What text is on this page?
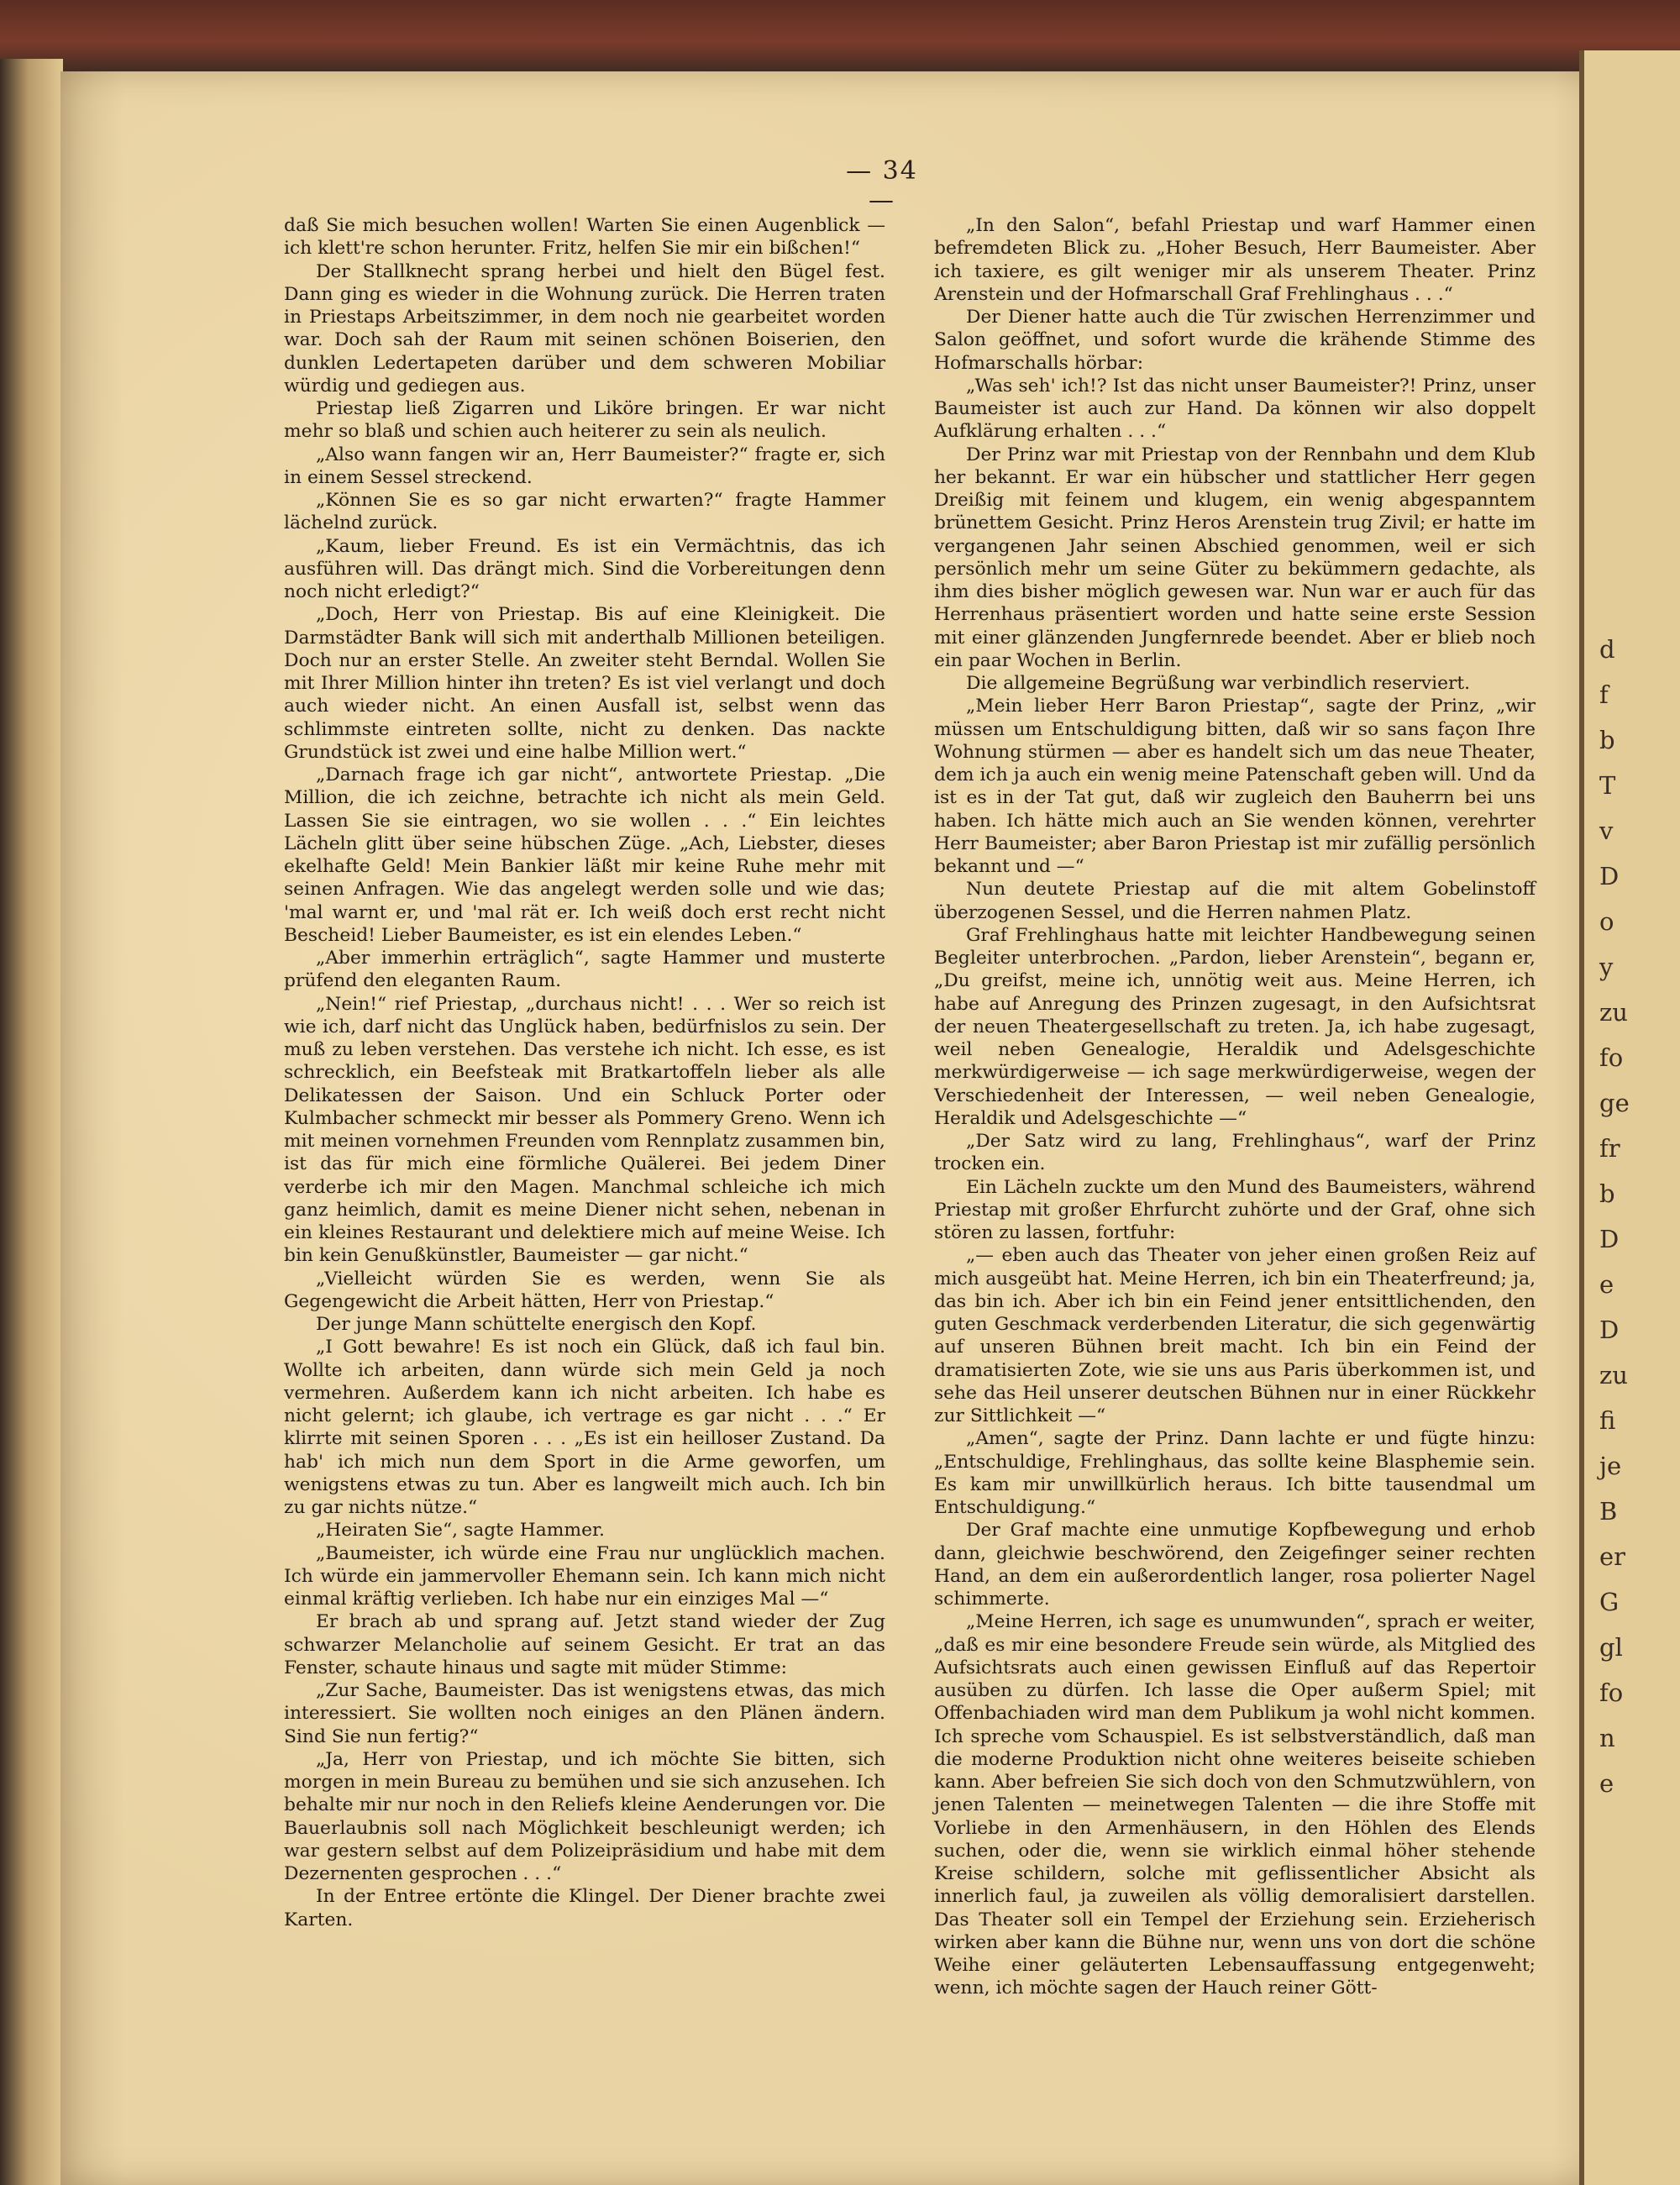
d
f
b
T
v
D
o
y
zu
fo
ge
fr
b
D
e
D
zu
fi
je
B
er
G
gl
fo
n
e
— 34 —

daß Sie mich besuchen wollen! Warten Sie einen Augenblick — ich klett're schon herunter. Fritz, helfen Sie mir ein bißchen!“

Der Stallknecht sprang herbei und hielt den Bügel fest. Dann ging es wieder in die Wohnung zurück. Die Herren traten in Priestaps Arbeitszimmer, in dem noch nie gearbeitet worden war. Doch sah der Raum mit seinen schönen Boiserien, den dunklen Ledertapeten darüber und dem schweren Mobiliar würdig und gediegen aus.

Priestap ließ Zigarren und Liköre bringen. Er war nicht mehr so blaß und schien auch heiterer zu sein als neulich.

„Also wann fangen wir an, Herr Baumeister?“ fragte er, sich in einem Sessel streckend.

„Können Sie es so gar nicht erwarten?“ fragte Hammer lächelnd zurück.

„Kaum, lieber Freund. Es ist ein Vermächtnis, das ich ausführen will. Das drängt mich. Sind die Vorbereitungen denn noch nicht erledigt?“

„Doch, Herr von Priestap. Bis auf eine Kleinigkeit. Die Darmstädter Bank will sich mit anderthalb Millionen beteiligen. Doch nur an erster Stelle. An zweiter steht Berndal. Wollen Sie mit Ihrer Million hinter ihn treten? Es ist viel verlangt und doch auch wieder nicht. An einen Ausfall ist, selbst wenn das schlimmste eintreten sollte, nicht zu denken. Das nackte Grundstück ist zwei und eine halbe Million wert.“

„Darnach frage ich gar nicht“, antwortete Priestap. „Die Million, die ich zeichne, betrachte ich nicht als mein Geld. Lassen Sie sie eintragen, wo sie wollen . . .“ Ein leichtes Lächeln glitt über seine hübschen Züge. „Ach, Liebster, dieses ekelhafte Geld! Mein Bankier läßt mir keine Ruhe mehr mit seinen Anfragen. Wie das angelegt werden solle und wie das; 'mal warnt er, und 'mal rät er. Ich weiß doch erst recht nicht Bescheid! Lieber Baumeister, es ist ein elendes Leben.“

„Aber immerhin erträglich“, sagte Hammer und musterte prüfend den eleganten Raum.

„Nein!“ rief Priestap, „durchaus nicht! . . . Wer so reich ist wie ich, darf nicht das Unglück haben, bedürfnislos zu sein. Der muß zu leben verstehen. Das verstehe ich nicht. Ich esse, es ist schrecklich, ein Beefsteak mit Bratkartoffeln lieber als alle Delikatessen der Saison. Und ein Schluck Porter oder Kulmbacher schmeckt mir besser als Pommery Greno. Wenn ich mit meinen vornehmen Freunden vom Rennplatz zusammen bin, ist das für mich eine förmliche Quälerei. Bei jedem Diner verderbe ich mir den Magen. Manchmal schleiche ich mich ganz heimlich, damit es meine Diener nicht sehen, nebenan in ein kleines Restaurant und delektiere mich auf meine Weise. Ich bin kein Genußkünstler, Baumeister — gar nicht.“

„Vielleicht würden Sie es werden, wenn Sie als Gegengewicht die Arbeit hätten, Herr von Priestap.“

Der junge Mann schüttelte energisch den Kopf.

„I Gott bewahre! Es ist noch ein Glück, daß ich faul bin. Wollte ich arbeiten, dann würde sich mein Geld ja noch vermehren. Außerdem kann ich nicht arbeiten. Ich habe es nicht gelernt; ich glaube, ich vertrage es gar nicht . . .“ Er klirrte mit seinen Sporen . . . „Es ist ein heilloser Zustand. Da hab' ich mich nun dem Sport in die Arme geworfen, um wenigstens etwas zu tun. Aber es langweilt mich auch. Ich bin zu gar nichts nütze.“

„Heiraten Sie“, sagte Hammer.

„Baumeister, ich würde eine Frau nur unglücklich machen. Ich würde ein jammervoller Ehemann sein. Ich kann mich nicht einmal kräftig verlieben. Ich habe nur ein einziges Mal —“

Er brach ab und sprang auf. Jetzt stand wieder der Zug schwarzer Melancholie auf seinem Gesicht. Er trat an das Fenster, schaute hinaus und sagte mit müder Stimme:

„Zur Sache, Baumeister. Das ist wenigstens etwas, das mich interessiert. Sie wollten noch einiges an den Plänen ändern. Sind Sie nun fertig?“

„Ja, Herr von Priestap, und ich möchte Sie bitten, sich morgen in mein Bureau zu bemühen und sie sich anzusehen. Ich behalte mir nur noch in den Reliefs kleine Aenderungen vor. Die Bauerlaubnis soll nach Möglichkeit beschleunigt werden; ich war gestern selbst auf dem Polizeipräsidium und habe mit dem Dezernenten gesprochen . . .“

In der Entree ertönte die Klingel. Der Diener brachte zwei Karten.

„In den Salon“, befahl Priestap und warf Hammer einen befremdeten Blick zu. „Hoher Besuch, Herr Baumeister. Aber ich taxiere, es gilt weniger mir als unserem Theater. Prinz Arenstein und der Hofmarschall Graf Frehlinghaus . . .“

Der Diener hatte auch die Tür zwischen Herrenzimmer und Salon geöffnet, und sofort wurde die krähende Stimme des Hofmarschalls hörbar:

„Was seh' ich!? Ist das nicht unser Baumeister?! Prinz, unser Baumeister ist auch zur Hand. Da können wir also doppelt Aufklärung erhalten . . .“

Der Prinz war mit Priestap von der Rennbahn und dem Klub her bekannt. Er war ein hübscher und stattlicher Herr gegen Dreißig mit feinem und klugem, ein wenig abgespanntem brünettem Gesicht. Prinz Heros Arenstein trug Zivil; er hatte im vergangenen Jahr seinen Abschied genommen, weil er sich persönlich mehr um seine Güter zu bekümmern gedachte, als ihm dies bisher möglich gewesen war. Nun war er auch für das Herrenhaus präsentiert worden und hatte seine erste Session mit einer glänzenden Jungfernrede beendet. Aber er blieb noch ein paar Wochen in Berlin.

Die allgemeine Begrüßung war verbindlich reserviert.

„Mein lieber Herr Baron Priestap“, sagte der Prinz, „wir müssen um Entschuldigung bitten, daß wir so sans façon Ihre Wohnung stürmen — aber es handelt sich um das neue Theater, dem ich ja auch ein wenig meine Patenschaft geben will. Und da ist es in der Tat gut, daß wir zugleich den Bauherrn bei uns haben. Ich hätte mich auch an Sie wenden können, verehrter Herr Baumeister; aber Baron Priestap ist mir zufällig persönlich bekannt und —“

Nun deutete Priestap auf die mit altem Gobelinstoff überzogenen Sessel, und die Herren nahmen Platz.

Graf Frehlinghaus hatte mit leichter Handbewegung seinen Begleiter unterbrochen. „Pardon, lieber Arenstein“, begann er, „Du greifst, meine ich, unnötig weit aus. Meine Herren, ich habe auf Anregung des Prinzen zugesagt, in den Aufsichtsrat der neuen Theatergesellschaft zu treten. Ja, ich habe zugesagt, weil neben Genealogie, Heraldik und Adelsgeschichte merkwürdigerweise — ich sage merkwürdigerweise, wegen der Verschiedenheit der Interessen, — weil neben Genealogie, Heraldik und Adelsgeschichte —“

„Der Satz wird zu lang, Frehlinghaus“, warf der Prinz trocken ein.

Ein Lächeln zuckte um den Mund des Baumeisters, während Priestap mit großer Ehrfurcht zuhörte und der Graf, ohne sich stören zu lassen, fortfuhr:

„— eben auch das Theater von jeher einen großen Reiz auf mich ausgeübt hat. Meine Herren, ich bin ein Theaterfreund; ja, das bin ich. Aber ich bin ein Feind jener entsittlichenden, den guten Geschmack verderbenden Literatur, die sich gegenwärtig auf unseren Bühnen breit macht. Ich bin ein Feind der dramatisierten Zote, wie sie uns aus Paris überkommen ist, und sehe das Heil unserer deutschen Bühnen nur in einer Rückkehr zur Sittlichkeit —“

„Amen“, sagte der Prinz. Dann lachte er und fügte hinzu: „Entschuldige, Frehlinghaus, das sollte keine Blasphemie sein. Es kam mir unwillkürlich heraus. Ich bitte tausendmal um Entschuldigung.“

Der Graf machte eine unmutige Kopfbewegung und erhob dann, gleichwie beschwörend, den Zeigefinger seiner rechten Hand, an dem ein außerordentlich langer, rosa polierter Nagel schimmerte.

„Meine Herren, ich sage es unumwunden“, sprach er weiter, „daß es mir eine besondere Freude sein würde, als Mitglied des Aufsichtsrats auch einen gewissen Einfluß auf das Repertoir ausüben zu dürfen. Ich lasse die Oper außerm Spiel; mit Offenbachiaden wird man dem Publikum ja wohl nicht kommen. Ich spreche vom Schauspiel. Es ist selbstverständlich, daß man die moderne Produktion nicht ohne weiteres beiseite schieben kann. Aber befreien Sie sich doch von den Schmutzwühlern, von jenen Talenten — meinetwegen Talenten — die ihre Stoffe mit Vorliebe in den Armenhäusern, in den Höhlen des Elends suchen, oder die, wenn sie wirklich einmal höher stehende Kreise schildern, solche mit geflissentlicher Absicht als innerlich faul, ja zuweilen als völlig demoralisiert darstellen. Das Theater soll ein Tempel der Erziehung sein. Erzieherisch wirken aber kann die Bühne nur, wenn uns von dort die schöne Weihe einer geläuterten Lebensauffassung entgegenweht; wenn, ich möchte sagen der Hauch reiner Gött-
